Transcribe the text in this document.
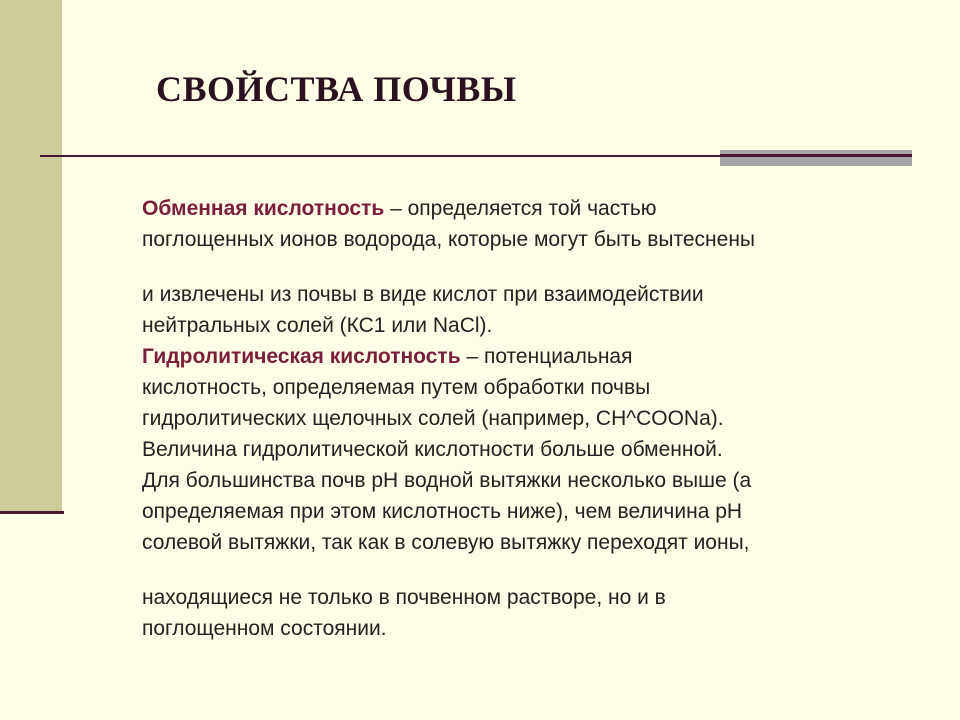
СВОЙСТВА ПОЧВЫ

Обменная кислотность – определяется той частью

поглощенных ионов водорода, которые могут быть вытеснены

и извлечены из почвы в виде кислот при взаимодействии

нейтральных солей (КС1 или NaCl).

Гидролитическая кислотность – потенциальная

кислотность, определяемая путем обработки почвы

гидролитических щелочных солей (например, CH^COONa).

Величина гидролитической кислотности больше обменной.

Для большинства почв рН водной вытяжки несколько выше (а

определяемая при этом кислотность ниже), чем величина рН

солевой вытяжки, так как в солевую вытяжку переходят ионы,

находящиеся не только в почвенном растворе, но и в

поглощенном состоянии.
